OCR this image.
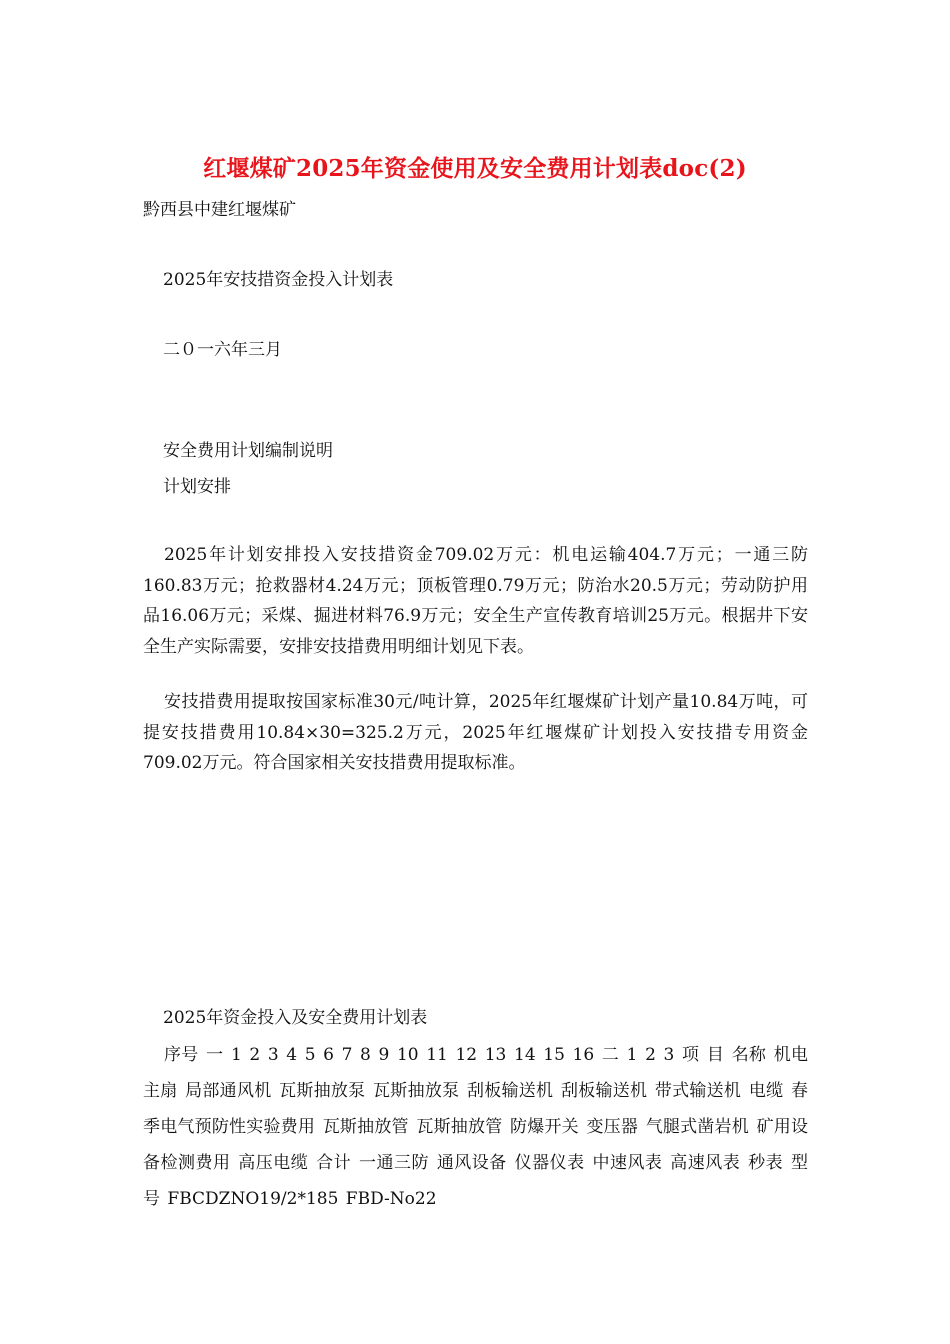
红堰煤矿2025年资金使用及安全费用计划表doc(2)
黔西县中建红堰煤矿
2025年安技措资金投入计划表
二０一六年三月
安全费用计划编制说明
计划安排

2025年计划安排投入安技措资金709.02万元：机电运输404.7万元；一通三防160.83万元；抢救器材4.24万元；顶板管理0.79万元；防治水20.5万元；劳动防护用品16.06万元；采煤、掘进材料76.9万元；安全生产宣传教育培训25万元。根据井下安全生产实际需要，安排安技措费用明细计划见下表。

安技措费用提取按国家标准30元/吨计算，2025年红堰煤矿计划产量10.84万吨，可提安技措费用10.84×30=325.2万元，2025年红堰煤矿计划投入安技措专用资金709.02万元。符合国家相关安技措费用提取标准。

2025年资金投入及安全费用计划表

序号 一 1 2 3 4 5 6 7 8 9 10 11 12 13 14 15 16 二 1 2 3 项 目 名称 机电 主扇 局部通风机 瓦斯抽放泵 瓦斯抽放泵 刮板输送机 刮板输送机 带式输送机 电缆 春季电气预防性实验费用 瓦斯抽放管 瓦斯抽放管 防爆开关 变压器 气腿式凿岩机 矿用设备检测费用 高压电缆 合计 一通三防 通风设备 仪器仪表 中速风表 高速风表 秒表 型 号 FBCDZNO19/2*185 FBD-No22
